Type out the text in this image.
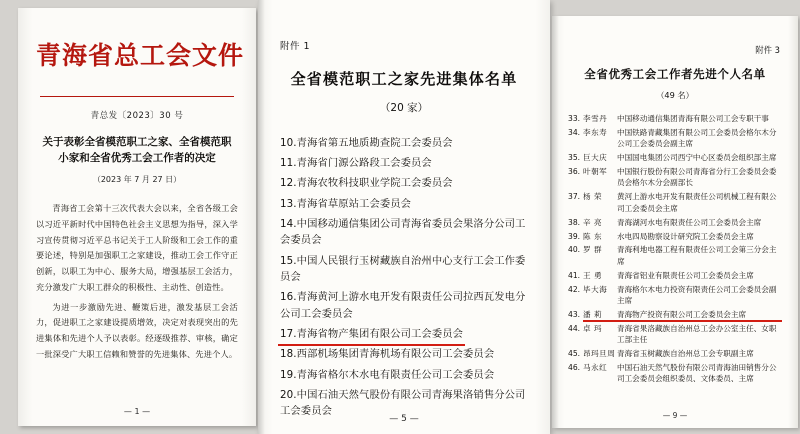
青海省总工会文件
青总发〔2023〕30 号
关于表彰全省模范职工之家、全省模范职
小家和全省优秀工会工作者的决定
（2023 年 7 月 27 日）

青海省工会第十三次代表大会以来，全省各级工会以习近平新时代中国特色社会主义思想为指导，深入学习宣传贯彻习近平总书记关于工人阶级和工会工作的重要论述，特别是加强职工之家建设，推动工会工作守正创新，以职工为中心、服务大局，增强基层工会活力，充分激发广大职工群众的积极性、主动性、创造性。

为进一步激励先进、鞭策后进，激发基层工会活力，促进职工之家建设提质增效，决定对表现突出的先进集体和先进个人予以表彰。经逐级推荐、审核，确定一批深受广大职工信赖和赞誉的先进集体、先进个人。

— 1 —
附件 1
全省模范职工之家先进集体名单
（20 家）
10.青海省第五地质勘查院工会委员会
11.青海省门源公路段工会委员会
12.青海农牧科技职业学院工会委员会
13.青海省草原站工会委员会
14.中国移动通信集团公司青海省委员会果洛分公司工会委员会
15.中国人民银行玉树藏族自治州中心支行工会工作委员会
16.青海黄河上游水电开发有限责任公司拉西瓦发电分公司工会委员会
17.青海省物产集团有限公司工会委员会
18.西部机场集团青海机场有限公司工会委员会
19.青海省格尔木水电有限责任公司工会委员会
20.中国石油天然气股份有限公司青海果洛销售分公司工会委员会
— 5 —
附件 3
全省优秀工会工作者先进个人名单
（49 名）
33. 李雪丹	中国移动通信集团青海有限公司工会专职干事
34. 李东寿	中国铁路青藏集团有限公司工会委员会格尔木分公司工会委员会副主席
35. 巨大庆	中国国电集团公司西宁中心区委员会组织部主席
36. 叶朝军	中国银行股份有限公司青海省分行工会委员会委员会格尔木分会副部长
37. 杨 荣	黄河上游水电开发有限责任公司机械工程有限公司工会委员会主席
38. 辛 亮	青海湖河水电有限责任公司工会委员会主席
39. 陈 东	水电四局勘察设计研究院工会委员会主席
40. 罗 群	青海利地电器工程有限责任公司工会第三分会主席
41. 王 勇	青海省铝业有限责任公司工会委员会主席
42. 毕大海	青海格尔木电力投资有限责任公司工会委员会副主席
43. 潘 莉	青海物产投资有限公司工会委员会主席
44. 卓 玛	青海省果洛藏族自治州总工会办公室主任、女职工部主任
45. 昂玛旦周 青海省玉树藏族自治州总工会专职副主席
46. 马永红	中国石油天然气股份有限公司青海油田销售分公司工会委员会组织委员、文体委员、主席
— 9 —
